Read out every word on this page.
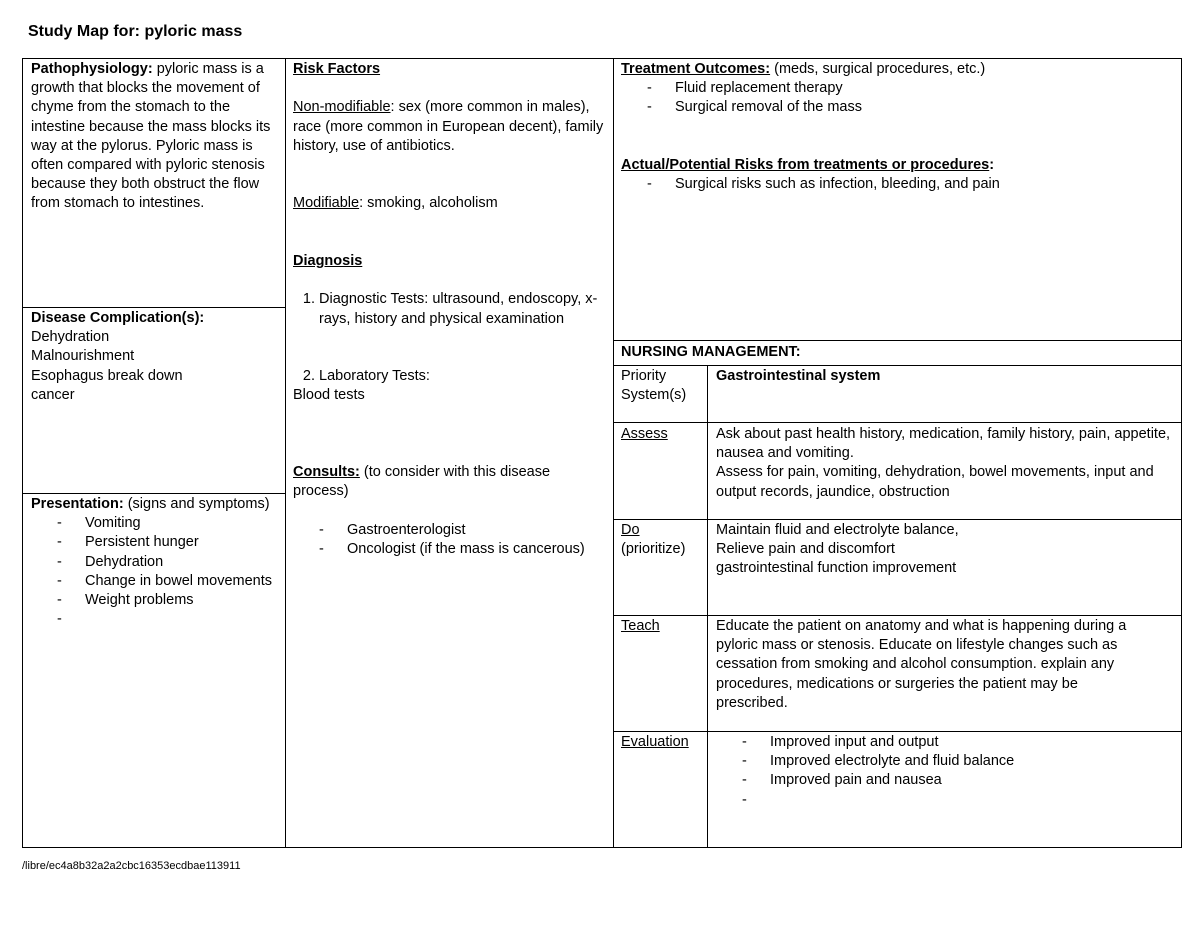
Study Map for: pyloric mass
Pathophysiology: pyloric mass is a growth that blocks the movement of chyme from the stomach to the intestine because the mass blocks its way at the pylorus. Pyloric mass is often compared with pyloric stenosis because they both obstruct the flow from stomach to intestines.
Disease Complication(s):
Dehydration
Malnourishment
Esophagus break down
cancer
Presentation: (signs and symptoms)
- Vomiting
- Persistent hunger
- Dehydration
- Change in bowel movements
- Weight problems
-
Risk Factors
Non-modifiable: sex (more common in males), race (more common in European decent), family history, use of antibiotics.
Modifiable: smoking, alcoholism
Diagnosis
1. Diagnostic Tests: ultrasound, endoscopy, x-rays, history and physical examination
2. Laboratory Tests:
Blood tests
Consults: (to consider with this disease process)
- Gastroenterologist
- Oncologist (if the mass is cancerous)
Treatment Outcomes: (meds, surgical procedures, etc.)
- Fluid replacement therapy
- Surgical removal of the mass
Actual/Potential Risks from treatments or procedures:
- Surgical risks such as infection, bleeding, and pain
NURSING MANAGEMENT:
Priority System(s)
Gastrointestinal system
Assess	Ask about past health history, medication, family history, pain, appetite, nausea and vomiting.
Assess for pain, vomiting, dehydration, bowel movements, input and output records, jaundice, obstruction
Do
(prioritize)
Maintain fluid and electrolyte balance,
Relieve pain and discomfort
gastrointestinal function improvement
Teach	Educate the patient on anatomy and what is happening during a pyloric mass or stenosis. Educate on lifestyle changes such as cessation from smoking and alcohol consumption. explain any procedures, medications or surgeries the patient may be prescribed.
Evaluation
-	Improved input and output
- Improved electrolyte and fluid balance
- Improved pain and nausea
-
/libre/ec4a8b32a2a2cbc16353ecdbae113911
